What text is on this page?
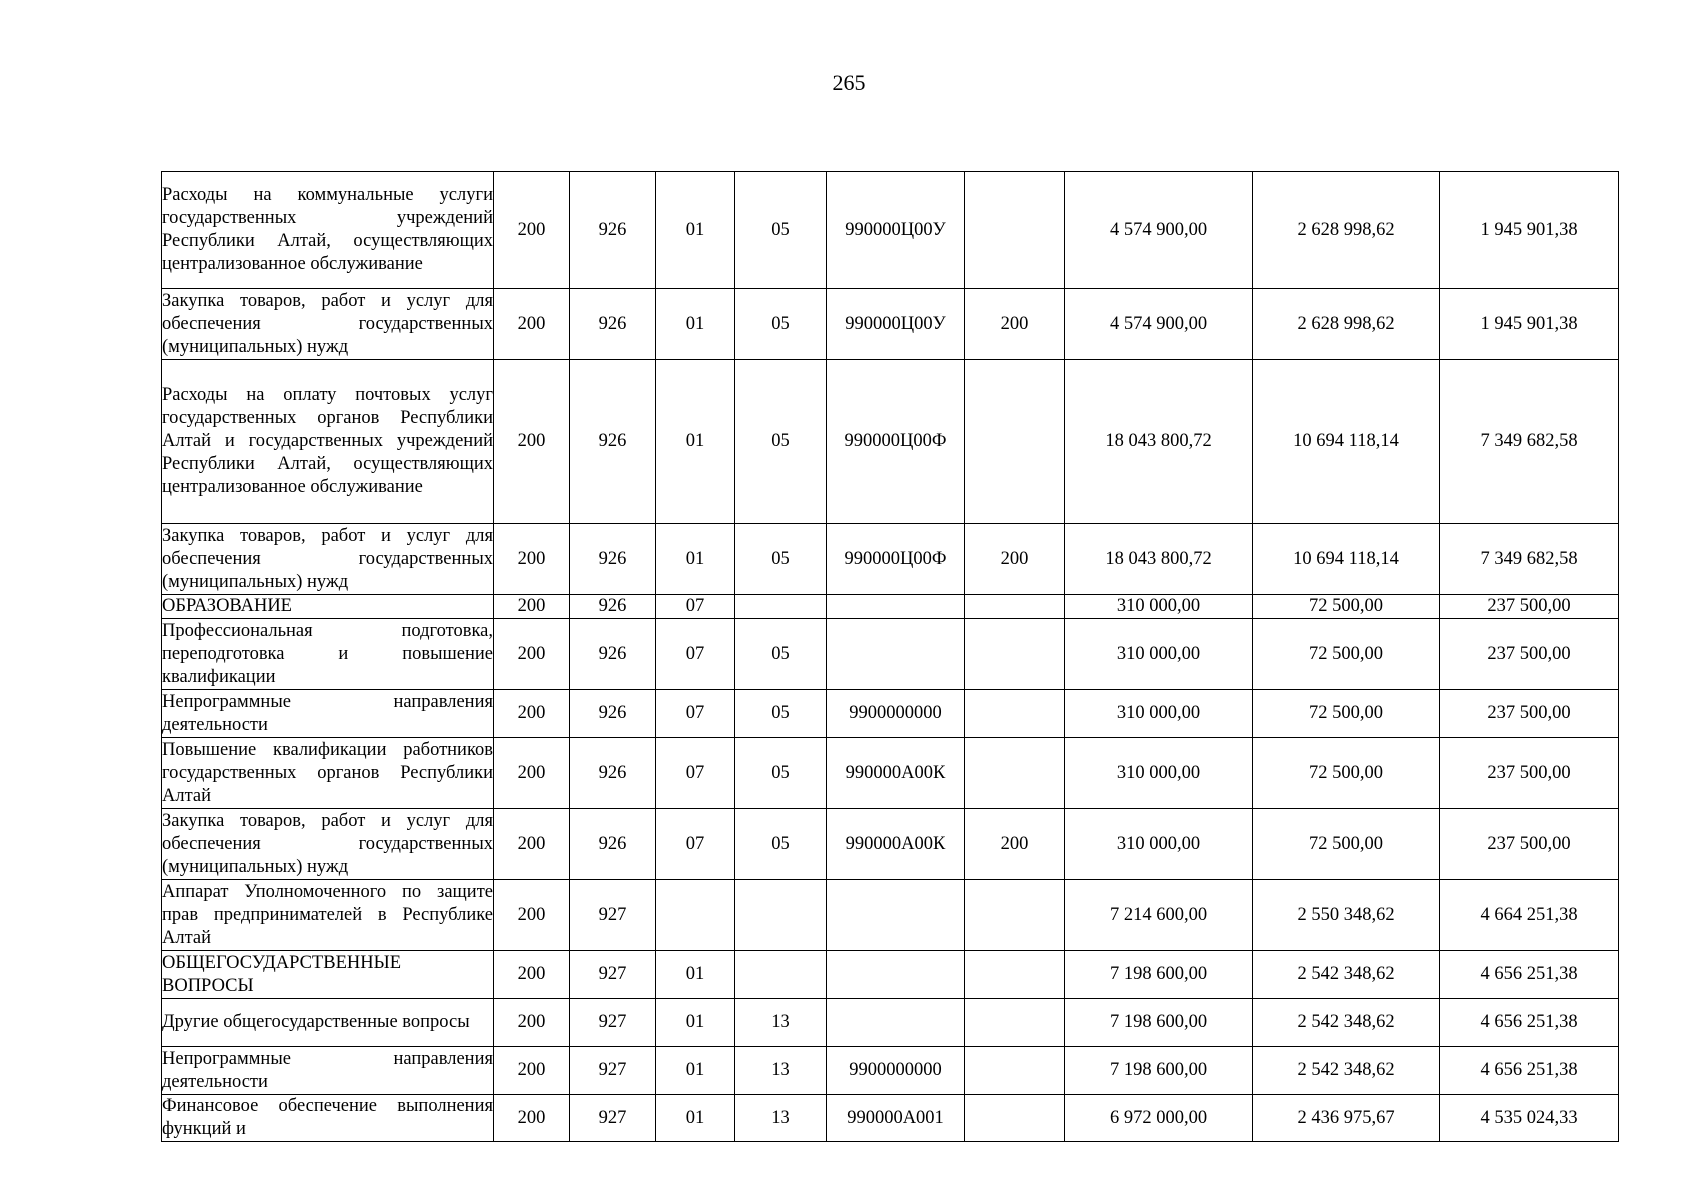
265
Расходы на коммунальные услуги государственных учреждений Республики Алтай, осуществляющих централизованное обслуживание	200	926	01	05	990000Ц00У		4 574 900,00	2 628 998,62	1 945 901,38
Закупка товаров, работ и услуг для обеспечения государственных (муниципальных) нужд	200	926	01	05	990000Ц00У	200	4 574 900,00	2 628 998,62	1 945 901,38
Расходы на оплату почтовых услуг государственных органов Республики Алтай и государственных учреждений Республики Алтай, осуществляющих централизованное обслуживание	200	926	01	05	990000Ц00Ф		18 043 800,72	10 694 118,14	7 349 682,58
Закупка товаров, работ и услуг для обеспечения государственных (муниципальных) нужд	200	926	01	05	990000Ц00Ф	200	18 043 800,72	10 694 118,14	7 349 682,58
ОБРАЗОВАНИЕ	200	926	07				310 000,00	72 500,00	237 500,00
Профессиональная подготовка, переподготовка и повышение квалификации	200	926	07	05			310 000,00	72 500,00	237 500,00
Непрограммные направления деятельности	200	926	07	05	9900000000		310 000,00	72 500,00	237 500,00
Повышение квалификации работников государственных органов Республики Алтай	200	926	07	05	990000А00К		310 000,00	72 500,00	237 500,00
Закупка товаров, работ и услуг для обеспечения государственных (муниципальных) нужд	200	926	07	05	990000А00К	200	310 000,00	72 500,00	237 500,00
Аппарат Уполномоченного по защите прав предпринимателей в Республике Алтай	200	927					7 214 600,00	2 550 348,62	4 664 251,38
ОБЩЕГОСУДАРСТВЕННЫЕ ВОПРОСЫ	200	927	01				7 198 600,00	2 542 348,62	4 656 251,38
Другие общегосударственные вопросы	200	927	01	13			7 198 600,00	2 542 348,62	4 656 251,38
Непрограммные направления деятельности	200	927	01	13	9900000000		7 198 600,00	2 542 348,62	4 656 251,38
Финансовое обеспечение выполнения функций и	200	927	01	13	990000А001		6 972 000,00	2 436 975,67	4 535 024,33
